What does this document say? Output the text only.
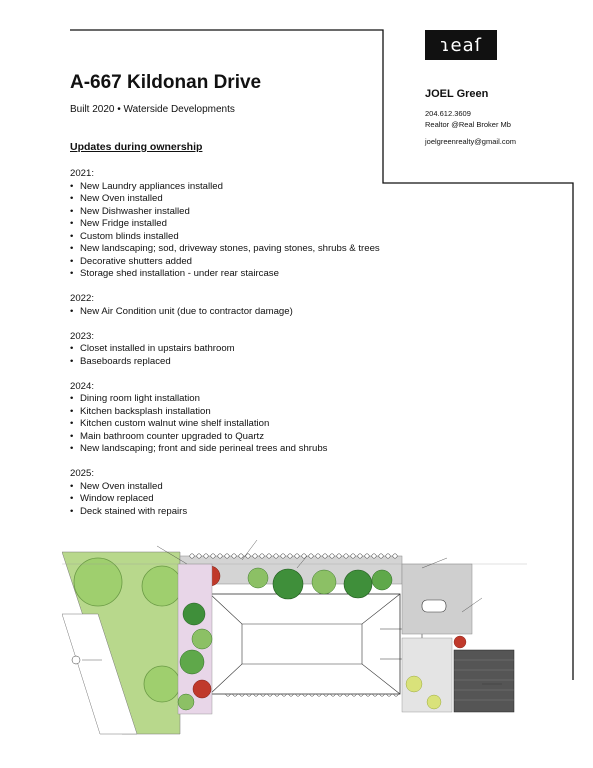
ɿeaſ
A-667 Kildonan Drive
Built 2020 • Waterside Developments
JOEL Green
204.612.3609
Realtor @Real Broker Mb
joelgreenrealty@gmail.com
Updates during ownership
2021:
• New Laundry appliances installed
• New Oven installed
• New Dishwasher installed
• New Fridge installed
• Custom blinds installed
• New landscaping; sod, driveway stones, paving stones, shrubs & trees
• Decorative shutters added
• Storage shed installation - under rear staircase
2022:
• New Air Condition unit (due to contractor damage)
2023:
• Closet installed in upstairs bathroom
• Baseboards replaced
2024:
• Dining room light installation
• Kitchen backsplash installation
• Kitchen custom walnut wine shelf installation
• Main bathroom counter upgraded to Quartz
• New landscaping; front and side perineal trees and shrubs
2025:
• New Oven installed
• Window replaced
• Deck stained with repairs
